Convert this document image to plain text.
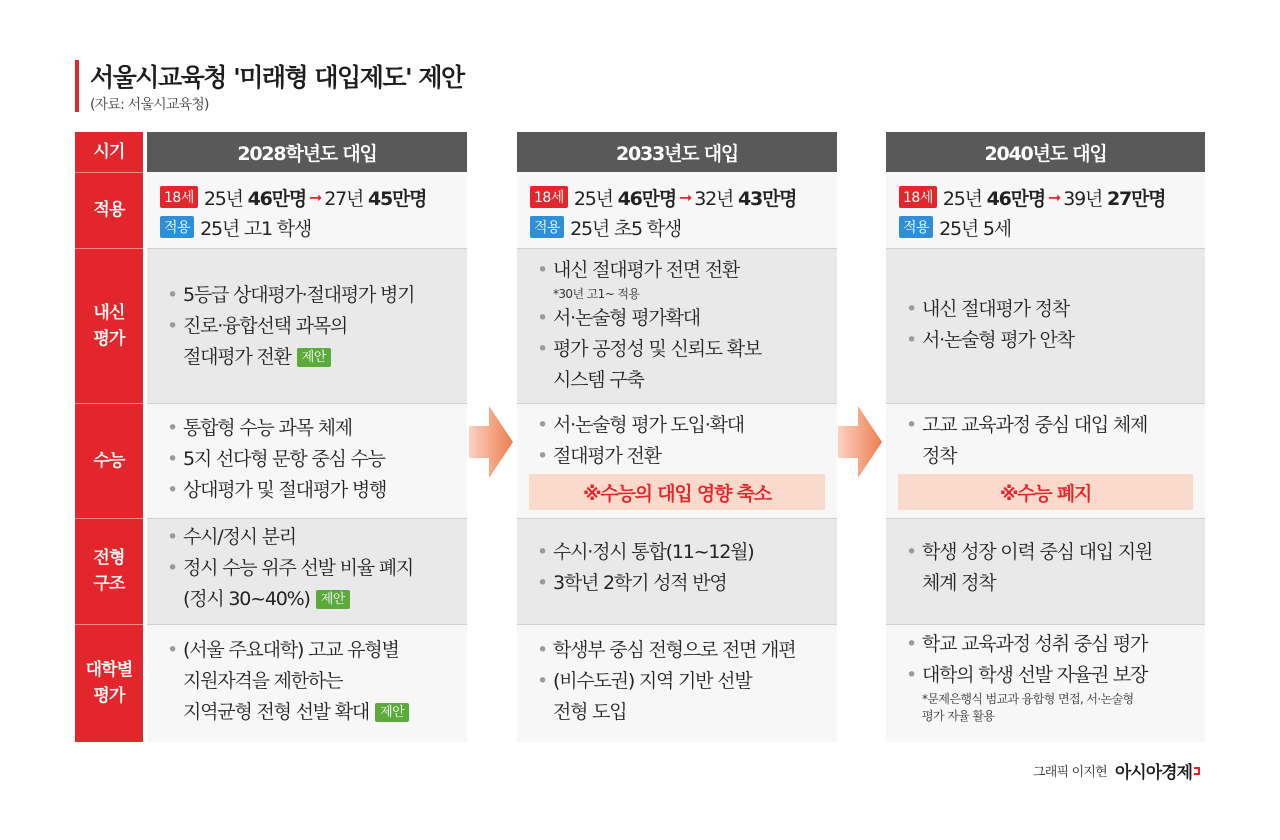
서울시교육청 '미래형 대입제도' 제안
(자료: 서울시교육청)
시기
적용
내신
평가
수능
전형
구조
대학별
평가
2028학년도 대입
18세 25년
46만명 ➞ 27년
45만명
적용 25년 고1 학생
• 5등급 상대평가·절대평가 병기
• 진로·융합선택 과목의
절대평가 전환 제안
• 통합형 수능 과목 체제
• 5지 선다형 문항 중심 수능
• 상대평가 및 절대평가 병행
• 수시/정시 분리
• 정시 수능 위주 선발 비율 폐지
(정시 30~40%) 제안
• (서울 주요대학) 고교 유형별
지원자격을 제한하는
지역균형 전형 선발 확대 제안
2033년도 대입
18세 25년
46만명 ➞ 32년
43만명
적용 25년 초5 학생
• 내신 절대평가 전면 전환
*30년 고1~ 적용
• 서·논술형 평가확대
• 평가 공정성 및 신뢰도 확보
시스템 구축
• 서·논술형 평가 도입·확대
• 절대평가 전환
※수능의 대입 영향 축소
• 수시·정시 통합(11~12월)
• 3학년 2학기 성적 반영
• 학생부 중심 전형으로 전면 개편
• (비수도권) 지역 기반 선발
전형 도입
2040년도 대입
18세 25년
46만명 ➞ 39년
27만명
적용 25년 5세
• 내신 절대평가 정착
• 서·논술형 평가 안착
• 고교 교육과정 중심 대입 체제
정착
※수능 폐지
• 학생 성장 이력 중심 대입 지원
체계 정착
• 학교 교육과정 성취 중심 평가
• 대학의 학생 선발 자율권 보장
*문제은행식 범교과 융합형 면접, 서·논술형
평가 자율 활용
그래픽 이지현 아시아경제
